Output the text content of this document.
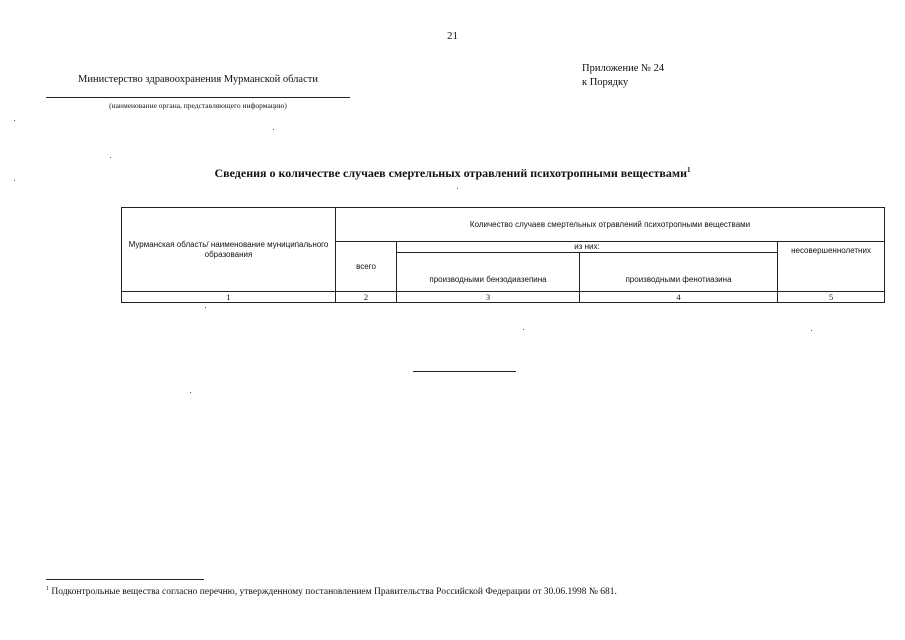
21
Приложение № 24
к Порядку
Министерство здравоохранения Мурманской области
(наименование органа, представляющего информацию)
Сведения о количестве случаев смертельных отравлений психотропными веществами$^1$
Мурманская область/ наименование муниципального образования	Количество случаев смертельных отравлений психотропными веществами			
	всего	из них:		несовершеннолетних
		производными бензодиазепина	производными фенотиазина	
1	2	3	4	5
$^1$ Подконтрольные вещества согласно перечню, утвержденному постановлением Правительства Российской Федерации от 30.06.1998 № 681.
